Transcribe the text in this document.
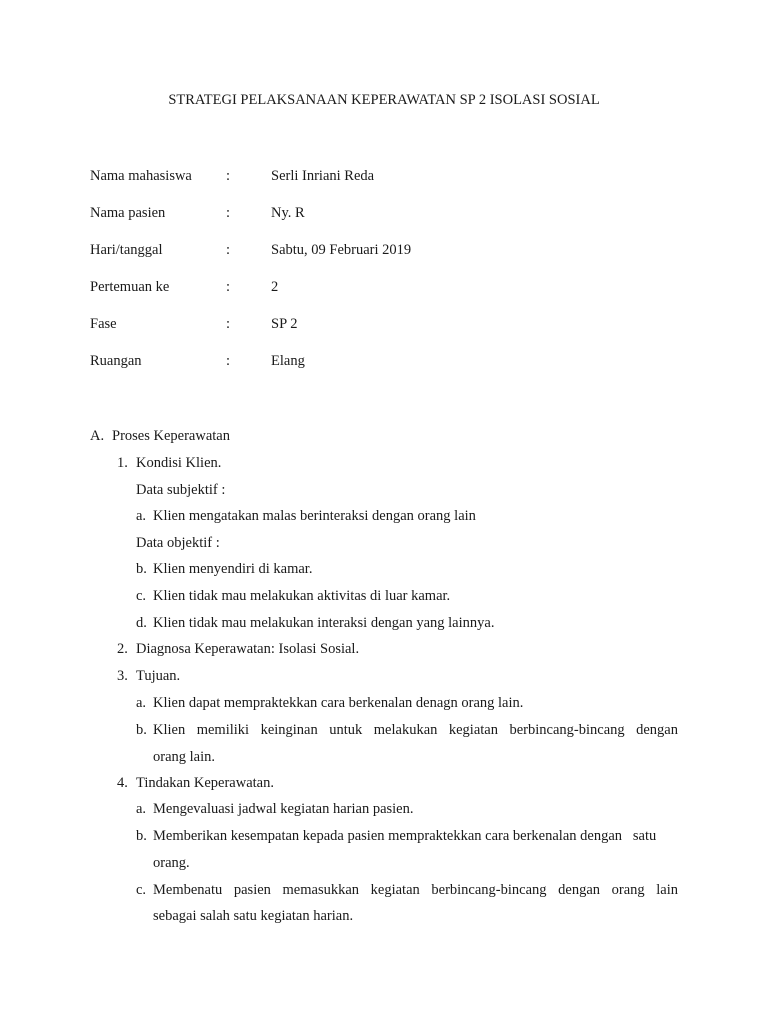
STRATEGI PELAKSANAAN KEPERAWATAN SP 2 ISOLASI SOSIAL
Nama mahasiswa	:	Serli Inriani Reda
Nama pasien	:	Ny. R
Hari/tanggal	:	Sabtu, 09 Februari 2019
Pertemuan ke	:	2
Fase	:	SP 2
Ruangan	:	Elang
A. Proses Keperawatan
1. Kondisi Klien.
Data subjektif :
a. Klien mengatakan malas berinteraksi dengan orang lain
Data objektif :
b. Klien menyendiri di kamar.
c. Klien tidak mau melakukan aktivitas di luar kamar.
d. Klien tidak mau melakukan interaksi dengan yang lainnya.
2. Diagnosa Keperawatan: Isolasi Sosial.
3. Tujuan.
a. Klien dapat mempraktekkan cara berkenalan denagn orang lain.
b. Klien memiliki keinginan untuk melakukan kegiatan berbincang-bincang dengan
orang lain.
4. Tindakan Keperawatan.
a. Mengevaluasi jadwal kegiatan harian pasien.
b. Memberikan kesempatan kepada pasien mempraktekkan cara berkenalan dengan   satu
orang.
c. Membenatu pasien memasukkan kegiatan berbincang-bincang dengan orang lain
sebagai salah satu kegiatan harian.
